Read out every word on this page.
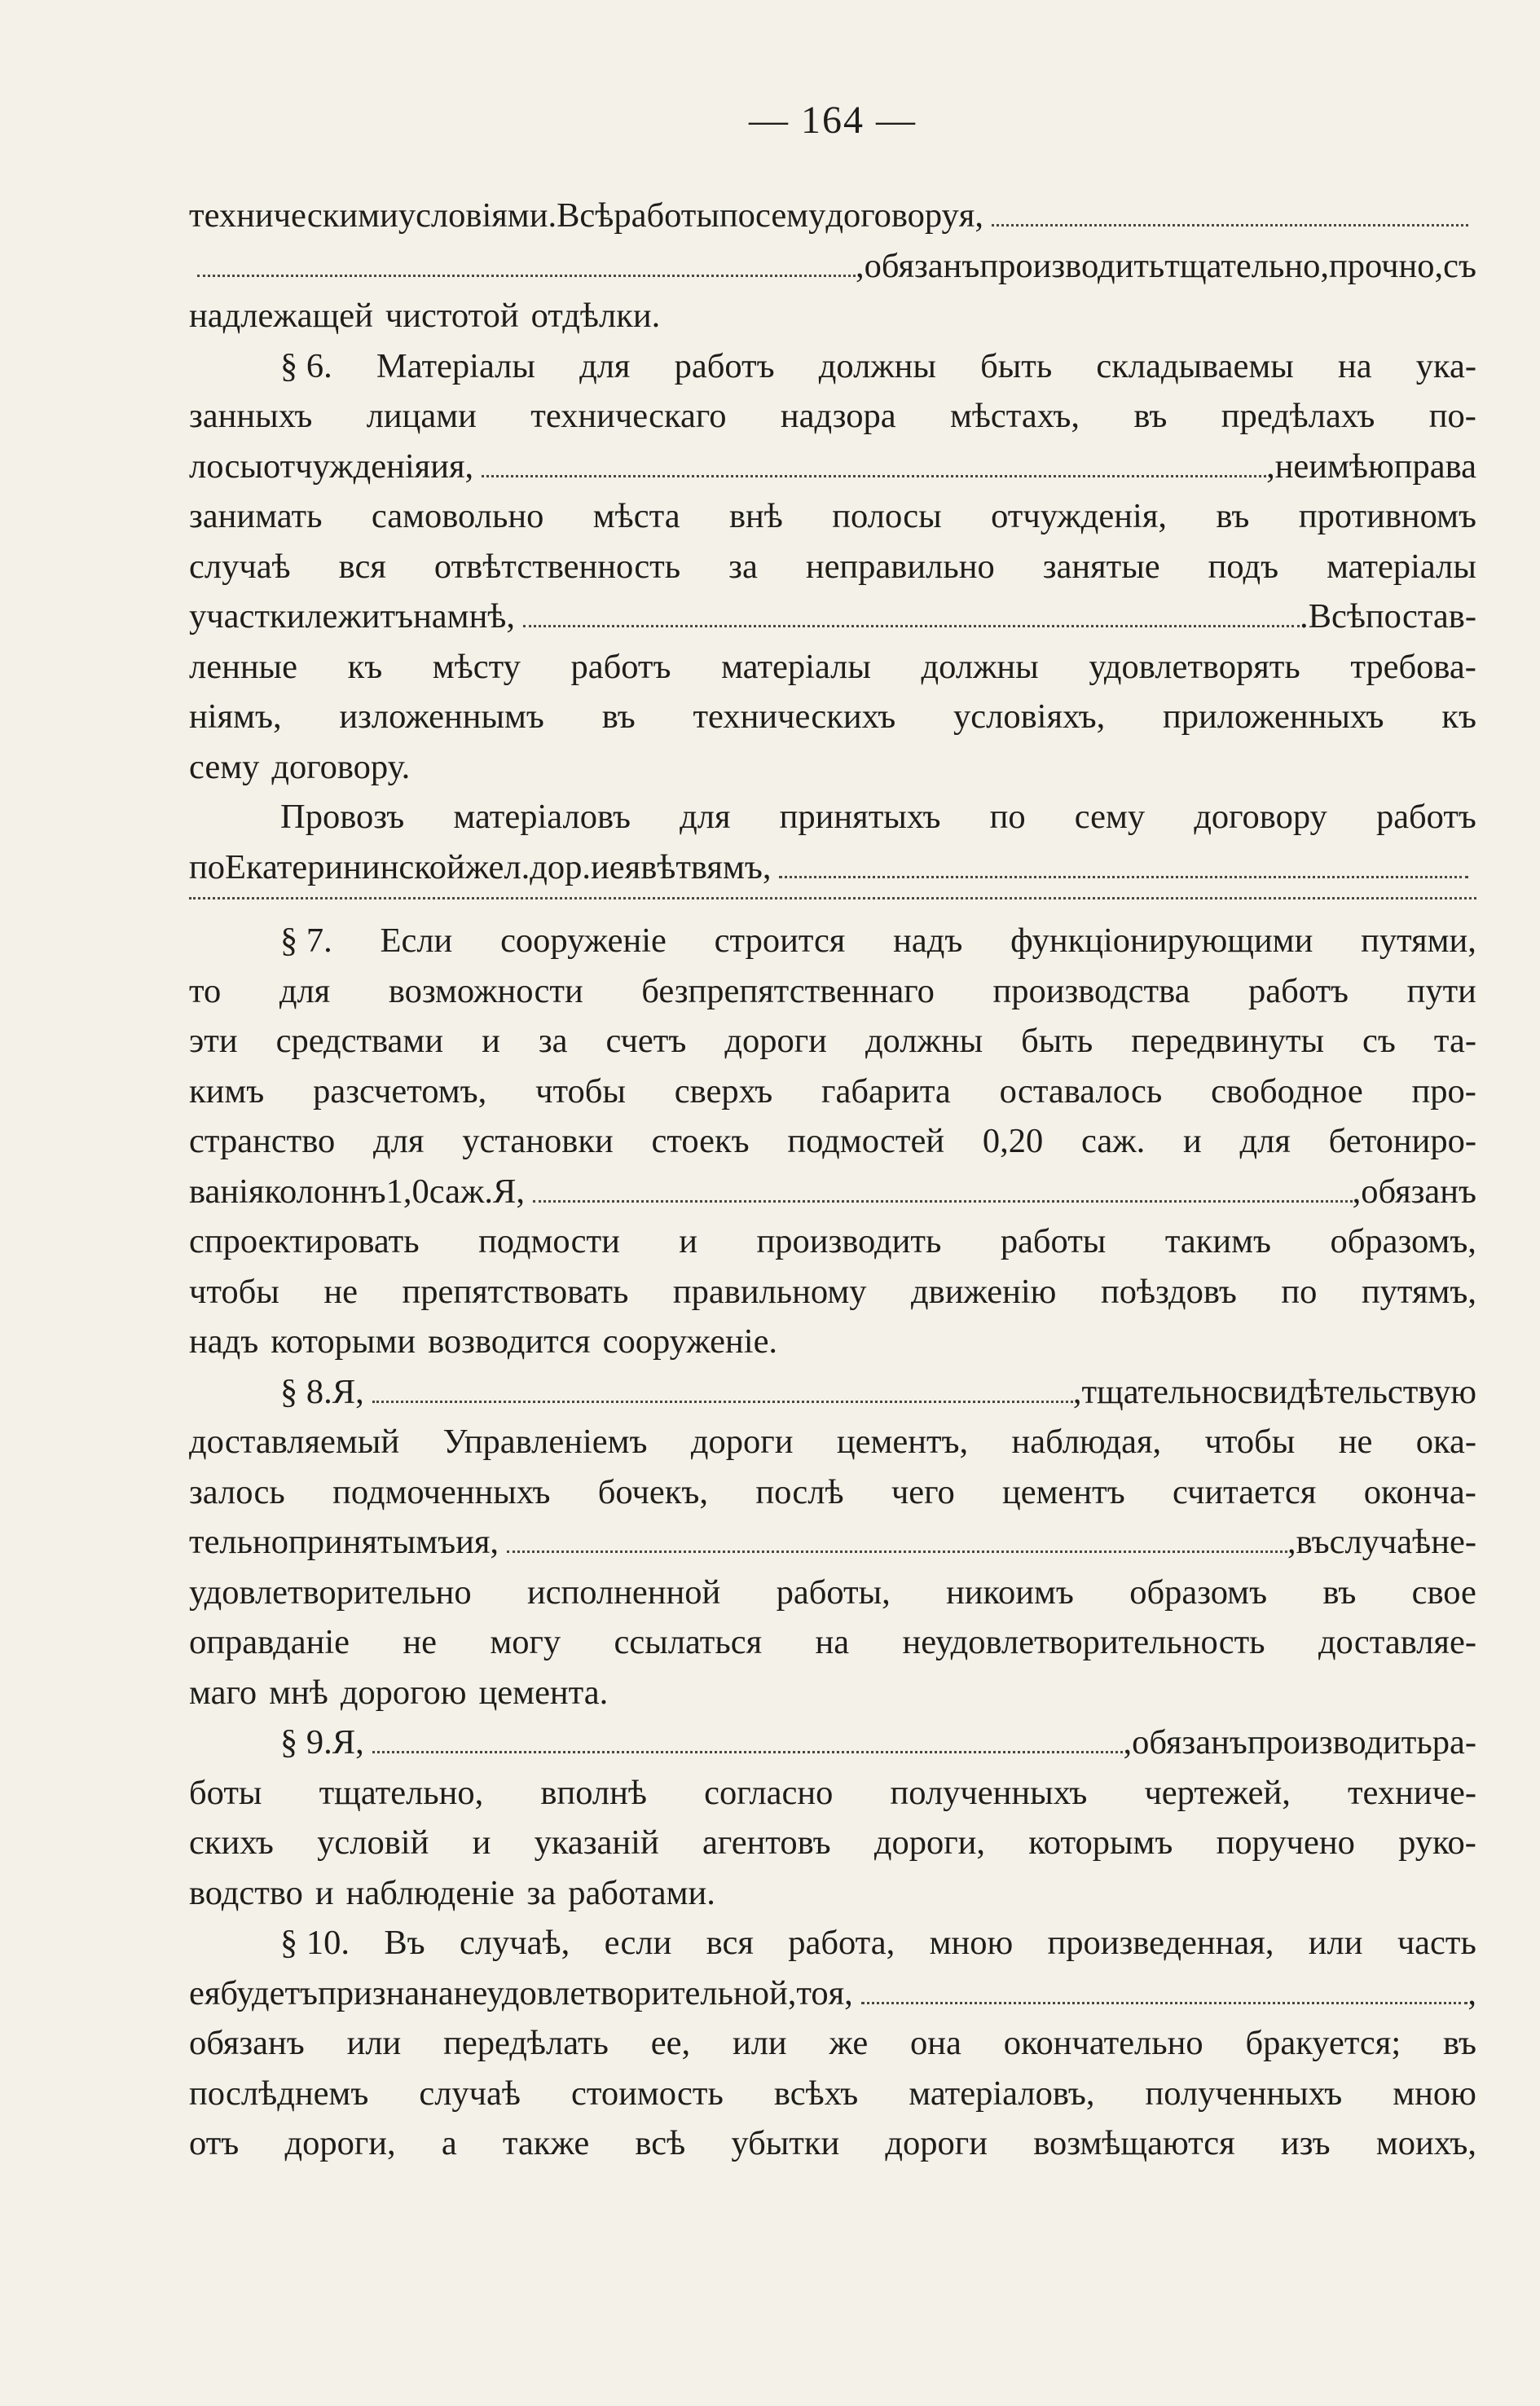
— 164 —
техническими условіями. Всѣ работы по сему договору я,
, обязанъ производить тщательно, прочно, съ
надлежащей чистотой отдѣлки.
§ 6. Матеріалы для работъ должны быть складываемы на ука-
занныхъ лицами техническаго надзора мѣстахъ, въ предѣлахъ по-
лосы отчужденія и я,	, не имѣю права
занимать самовольно мѣста внѣ полосы отчужденія, въ противномъ
случаѣ вся отвѣтственность за неправильно занятые подъ матеріалы
участки лежитъ на мнѣ,	. Всѣ постав-
ленные къ мѣсту работъ матеріалы должны удовлетворять требова-
ніямъ, изложеннымъ въ техническихъ условіяхъ, приложенныхъ къ
сему договору.
Провозъ матеріаловъ для принятыхъ по сему договору работъ
по Екатерининской жел. дор. и ея вѣтвямъ,
§ 7. Если сооруженіе строится надъ функціонирующими путями,
то для возможности безпрепятственнаго производства работъ пути
эти средствами и за счетъ дороги должны быть передвинуты съ та-
кимъ разсчетомъ, чтобы сверхъ габарита оставалось свободное про-
странство для установки стоекъ подмостей 0,20 саж. и для бетониро-
ванія колоннъ 1,0 саж. Я,	, обязанъ
спроектировать подмости и производить работы такимъ образомъ,
чтобы не препятствовать правильному движенію поѣздовъ по путямъ,
надъ которыми возводится сооруженіе.
§ 8. Я,	, тщательно свидѣтельствую
доставляемый Управленіемъ дороги цементъ, наблюдая, чтобы не ока-
залось подмоченныхъ бочекъ, послѣ чего цементъ считается оконча-
тельно принятымъ и я,	, въ случаѣ не-
удовлетворительно исполненной работы, никоимъ образомъ въ свое
оправданіе не могу ссылаться на неудовлетворительность доставляе-
маго мнѣ дорогою цемента.
§ 9. Я,	, обязанъ производить ра-
боты тщательно, вполнѣ согласно полученныхъ чертежей, техниче-
скихъ условій и указаній агентовъ дороги, которымъ поручено руко-
водство и наблюденіе за работами.
§ 10. Въ случаѣ, если вся работа, мною произведенная, или часть
ея будетъ признана неудовлетворительной, то я,	,
обязанъ или передѣлать ее, или же она окончательно бракуется; въ
послѣднемъ случаѣ стоимость всѣхъ матеріаловъ, полученныхъ мною
отъ дороги, а также всѣ убытки дороги возмѣщаются изъ моихъ,
